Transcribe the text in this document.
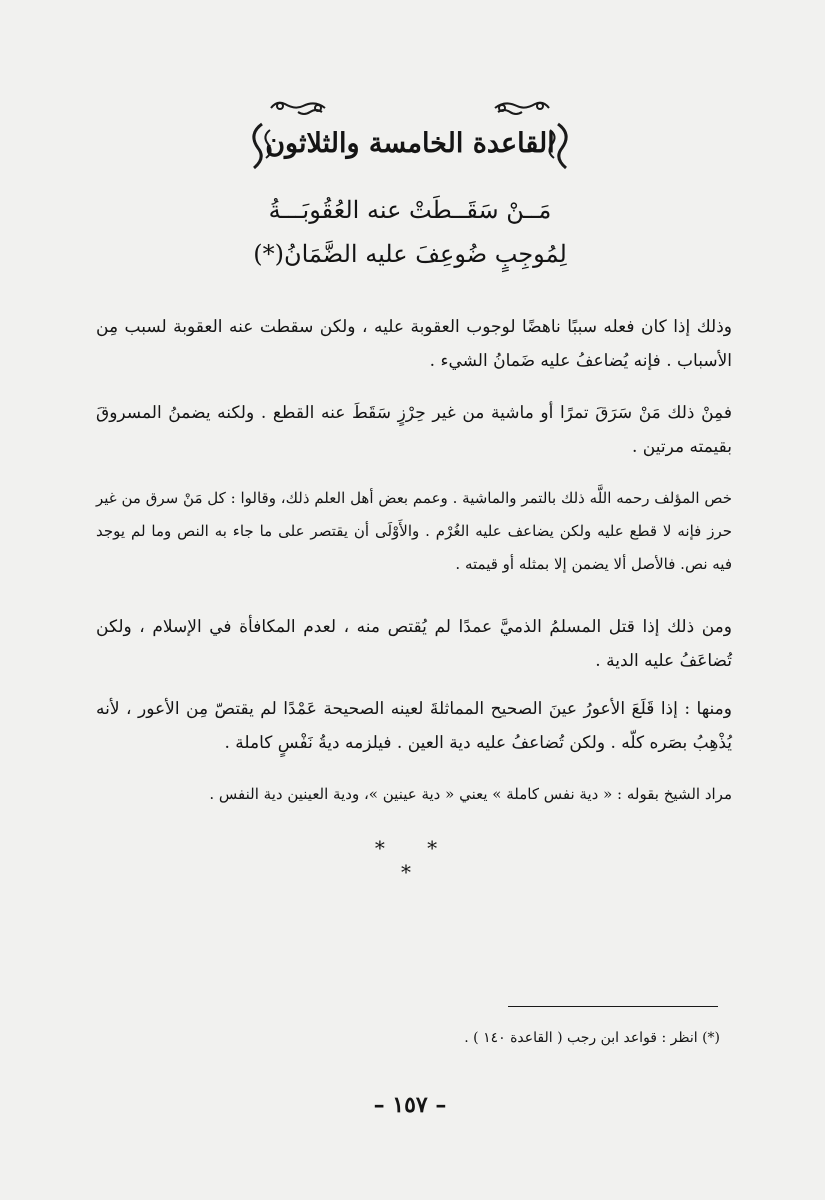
القاعدة الخامسة والثلاثون
مَــنْ سَقَــطَتْ عنه العُقُوبَـــةُ
لِمُوجِبٍ ضُوعِفَ عليه الضَّمَانُ(*)

وذلك إذا كان فعله سببًا ناهضًا لوجوب العقوبة عليه ، ولكن سقطت عنه العقوبة لسبب مِن الأسباب . فإنه يُضاعفُ عليه ضَمانُ الشيء .

فمِنْ ذلك مَنْ سَرَقَ تمرًا أو ماشية من غير حِرْزٍ سَقَطَ عنه القطع . ولكنه يضمنُ المسروقَ بقيمته مرتين .

خص المؤلف رحمه اللَّه ذلك بالتمر والماشية . وعمم بعض أهل العلم ذلك، وقالوا : كل مَنْ سرق من غير حرز فإنه لا قطع عليه ولكن يضاعف عليه الغُرْم . والأَوْلَى أن يقتصر على ما جاء به النص وما لم يوجد فيه نص. فالأصل ألا يضمن إلا بمثله أو قيمته .

ومن ذلك إذا قتل المسلمُ الذميَّ عمدًا لم يُقتص منه ، لعدم المكافأة في الإسلام ، ولكن تُضاعَفُ عليه الدية .

ومنها : إذا قَلَعَ الأعورُ عينَ الصحيح المماثلةَ لعينه الصحيحة عَمْدًا لم يقتصّ مِن الأعور ، لأنه يُذْهِبُ بصَره كلّه . ولكن تُضاعفُ عليه دية العين . فيلزمه ديةُ نَفْسٍ كاملة .

مراد الشيخ بقوله : « دية نفس كاملة » يعني « دية عينين »، ودية العينين دية النفس .

* * *
(*) انظر : قواعد ابن رجب ( القاعدة ١٤٠ ) .
– ١٥٧ –
